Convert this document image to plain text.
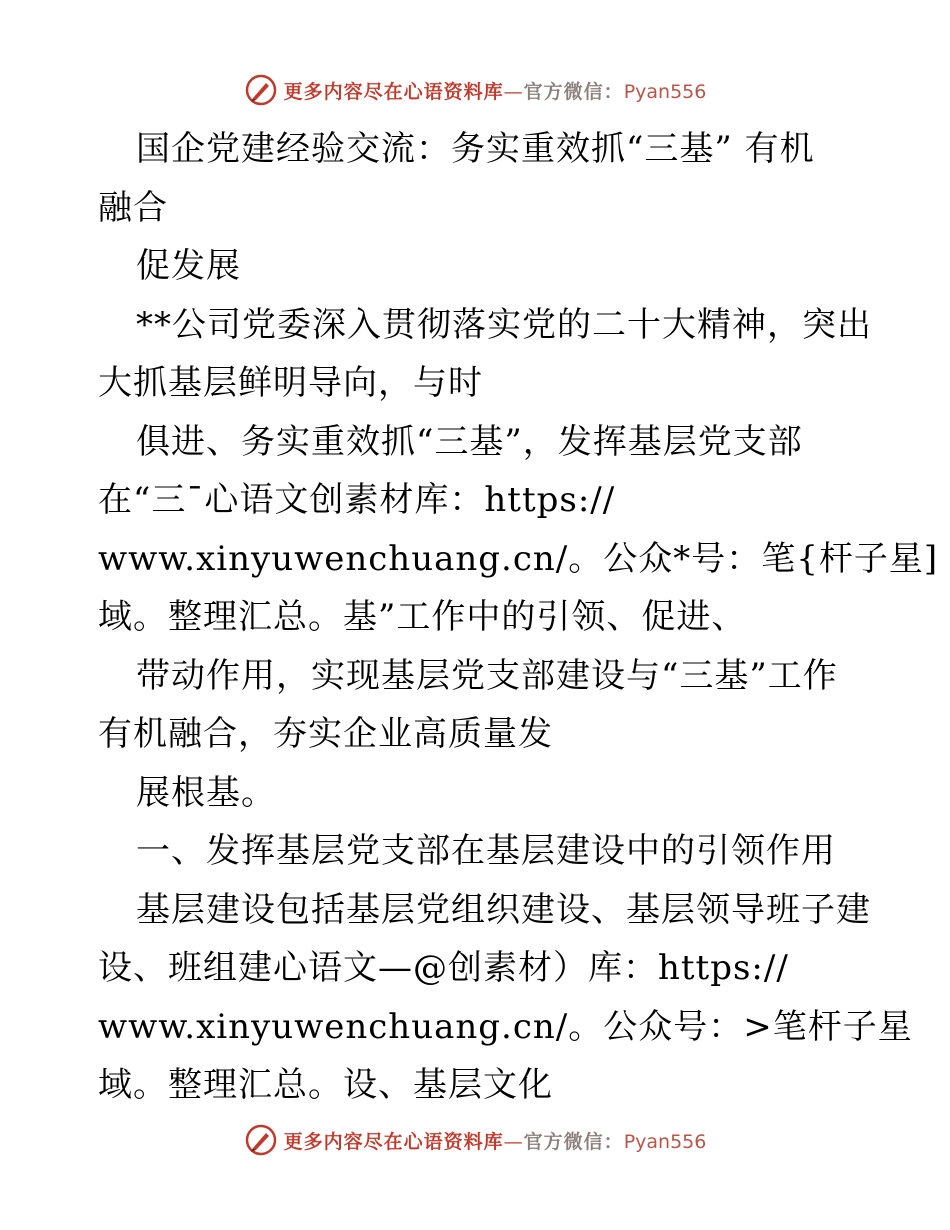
更多内容尽在心语资料库—官方微信：Pyan556
国企党建经验交流：务实重效抓“三基” 有机
融合
促发展
**公司党委深入贯彻落实党的二十大精神，突出
大抓基层鲜明导向，与时
俱进、务实重效抓“三基”，发挥基层党支部
在“三¯心语文创素材库：https://
www.xinyuwenchuang.cn/。公众*号：笔{杆子星]
域。整理汇总。基”工作中的引领、促进、
带动作用，实现基层党支部建设与“三基”工作
有机融合，夯实企业高质量发
展根基。
一、发挥基层党支部在基层建设中的引领作用
基层建设包括基层党组织建设、基层领导班子建
设、班组建心语文—@创素材）库：https://
www.xinyuwenchuang.cn/。公众号：>笔杆子星
域。整理汇总。设、基层文化
更多内容尽在心语资料库—官方微信：Pyan556
